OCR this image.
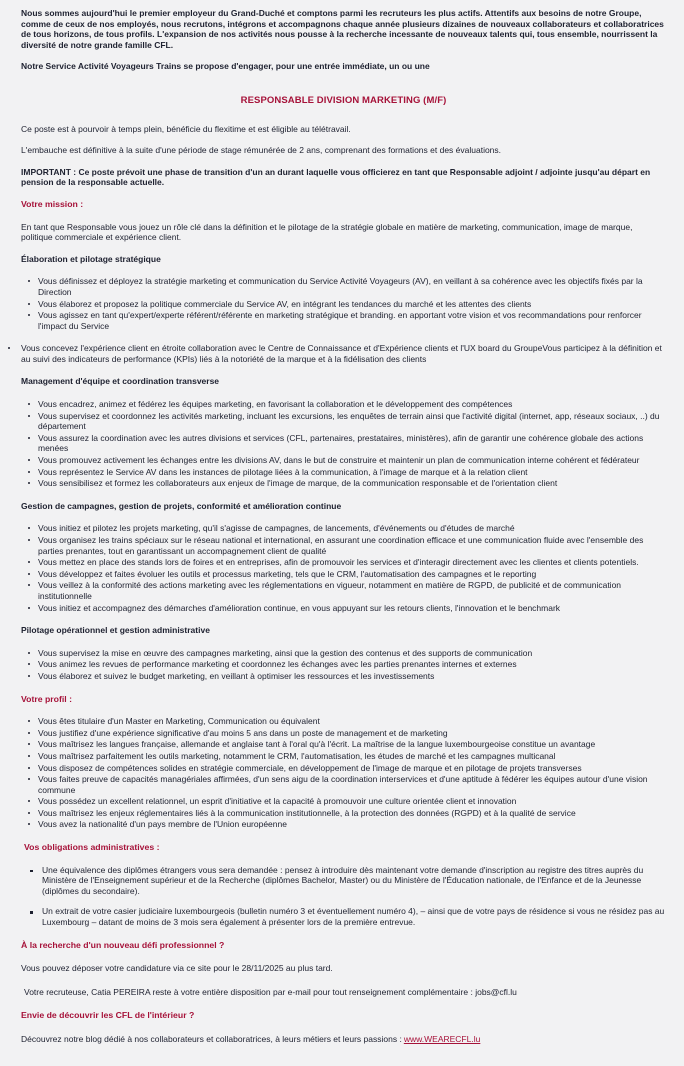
Nous sommes aujourd'hui le premier employeur du Grand-Duché et comptons parmi les recruteurs les plus actifs. Attentifs aux besoins de notre Groupe, comme de ceux de nos employés, nous recrutons, intégrons et accompagnons chaque année plusieurs dizaines de nouveaux collaborateurs et collaboratrices de tous horizons, de tous profils. L'expansion de nos activités nous pousse à la recherche incessante de nouveaux talents qui, tous ensemble, nourrissent la diversité de notre grande famille CFL.

Notre Service Activité Voyageurs Trains se propose d'engager, pour une entrée immédiate, un ou une

RESPONSABLE DIVISION MARKETING (M/F)

Ce poste est à pourvoir à temps plein, bénéficie du flexitime et est éligible au télétravail.

L'embauche est définitive à la suite d'une période de stage rémunérée de 2 ans, comprenant des formations et des évaluations.

IMPORTANT : Ce poste prévoit une phase de transition d'un an durant laquelle vous officierez en tant que Responsable adjoint / adjointe jusqu'au départ en pension de la responsable actuelle.

Votre mission :

En tant que Responsable vous jouez un rôle clé dans la définition et le pilotage de la stratégie globale en matière de marketing, communication, image de marque, politique commerciale et expérience client.

Élaboration et pilotage stratégique
Vous définissez et déployez la stratégie marketing et communication du Service Activité Voyageurs (AV), en veillant à sa cohérence avec les objectifs fixés par la Direction
Vous élaborez et proposez la politique commerciale du Service AV, en intégrant les tendances du marché et les attentes des clients
Vous agissez en tant qu'expert/experte référent/référente en marketing stratégique et branding. en apportant votre vision et vos recommandations pour renforcer l'impact du Service
Vous concevez l'expérience client en étroite collaboration avec le Centre de Connaissance et d'Expérience clients et l'UX board du GroupeVous participez à la définition et au suivi des indicateurs de performance (KPIs) liés à la notoriété de la marque et à la fidélisation des clients
Management d'équipe et coordination transverse
Vous encadrez, animez et fédérez les équipes marketing, en favorisant la collaboration et le développement des compétences
Vous supervisez et coordonnez les activités marketing, incluant les excursions, les enquêtes de terrain ainsi que l'activité digital (internet, app, réseaux sociaux, ..) du département
Vous assurez la coordination avec les autres divisions et services (CFL, partenaires, prestataires, ministères), afin de garantir une cohérence globale des actions menées
Vous promouvez activement les échanges entre les divisions AV, dans le but de construire et maintenir un plan de communication interne cohérent et fédérateur
Vous représentez le Service AV dans les instances de pilotage liées à la communication, à l'image de marque et à la relation client
Vous sensibilisez et formez les collaborateurs aux enjeux de l'image de marque, de la communication responsable et de l'orientation client
Gestion de campagnes, gestion de projets, conformité et amélioration continue
Vous initiez et pilotez les projets marketing, qu'il s'agisse de campagnes, de lancements, d'événements ou d'études de marché
Vous organisez les trains spéciaux sur le réseau national et international, en assurant une coordination efficace et une communication fluide avec l'ensemble des parties prenantes, tout en garantissant un accompagnement client de qualité
Vous mettez en place des stands lors de foires et en entreprises, afin de promouvoir les services et d'interagir directement avec les clientes et clients potentiels.
Vous développez et faites évoluer les outils et processus marketing, tels que le CRM, l'automatisation des campagnes et le reporting
Vous veillez à la conformité des actions marketing avec les réglementations en vigueur, notamment en matière de RGPD, de publicité et de communication institutionnelle
Vous initiez et accompagnez des démarches d'amélioration continue, en vous appuyant sur les retours clients, l'innovation et le benchmark
Pilotage opérationnel et gestion administrative
Vous supervisez la mise en œuvre des campagnes marketing, ainsi que la gestion des contenus et des supports de communication
Vous animez les revues de performance marketing et coordonnez les échanges avec les parties prenantes internes et externes
Vous élaborez et suivez le budget marketing, en veillant à optimiser les ressources et les investissements
Votre profil :
Vous êtes titulaire d'un Master en Marketing, Communication ou équivalent
Vous justifiez d'une expérience significative d'au moins 5 ans dans un poste de management et de marketing
Vous maîtrisez les langues française, allemande et anglaise tant à l'oral qu'à l'écrit. La maîtrise de la langue luxembourgeoise constitue un avantage
Vous maîtrisez parfaitement les outils marketing, notamment le CRM, l'automatisation, les études de marché et les campagnes multicanal
Vous disposez de compétences solides en stratégie commerciale, en développement de l'image de marque et en pilotage de projets transverses
Vous faites preuve de capacités managériales affirmées, d'un sens aigu de la coordination interservices et d'une aptitude à fédérer les équipes autour d'une vision commune
Vous possédez un excellent relationnel, un esprit d'initiative et la capacité à promouvoir une culture orientée client et innovation
Vous maîtrisez les enjeux réglementaires liés à la communication institutionnelle, à la protection des données (RGPD) et à la qualité de service
Vous avez la nationalité d'un pays membre de l'Union européenne
Vos obligations administratives :
Une équivalence des diplômes étrangers vous sera demandée : pensez à introduire dès maintenant votre demande d'inscription au registre des titres auprès du Ministère de l'Enseignement supérieur et de la Recherche (diplômes Bachelor, Master) ou du Ministère de l'Éducation nationale, de l'Enfance et de la Jeunesse (diplômes du secondaire).
Un extrait de votre casier judiciaire luxembourgeois (bulletin numéro 3 et éventuellement numéro 4), – ainsi que de votre pays de résidence si vous ne résidez pas au Luxembourg – datant de moins de 3 mois sera également à présenter lors de la première entrevue.
À la recherche d'un nouveau défi professionnel ?

Vous pouvez déposer votre candidature via ce site pour le 28/11/2025 au plus tard.

Votre recruteuse, Catia PEREIRA reste à votre entière disposition par e-mail pour tout renseignement complémentaire : jobs@cfl.lu

Envie de découvrir les CFL de l'intérieur ?

Découvrez notre blog dédié à nos collaborateurs et collaboratrices, à leurs métiers et leurs passions : www.WEARECFL.lu
